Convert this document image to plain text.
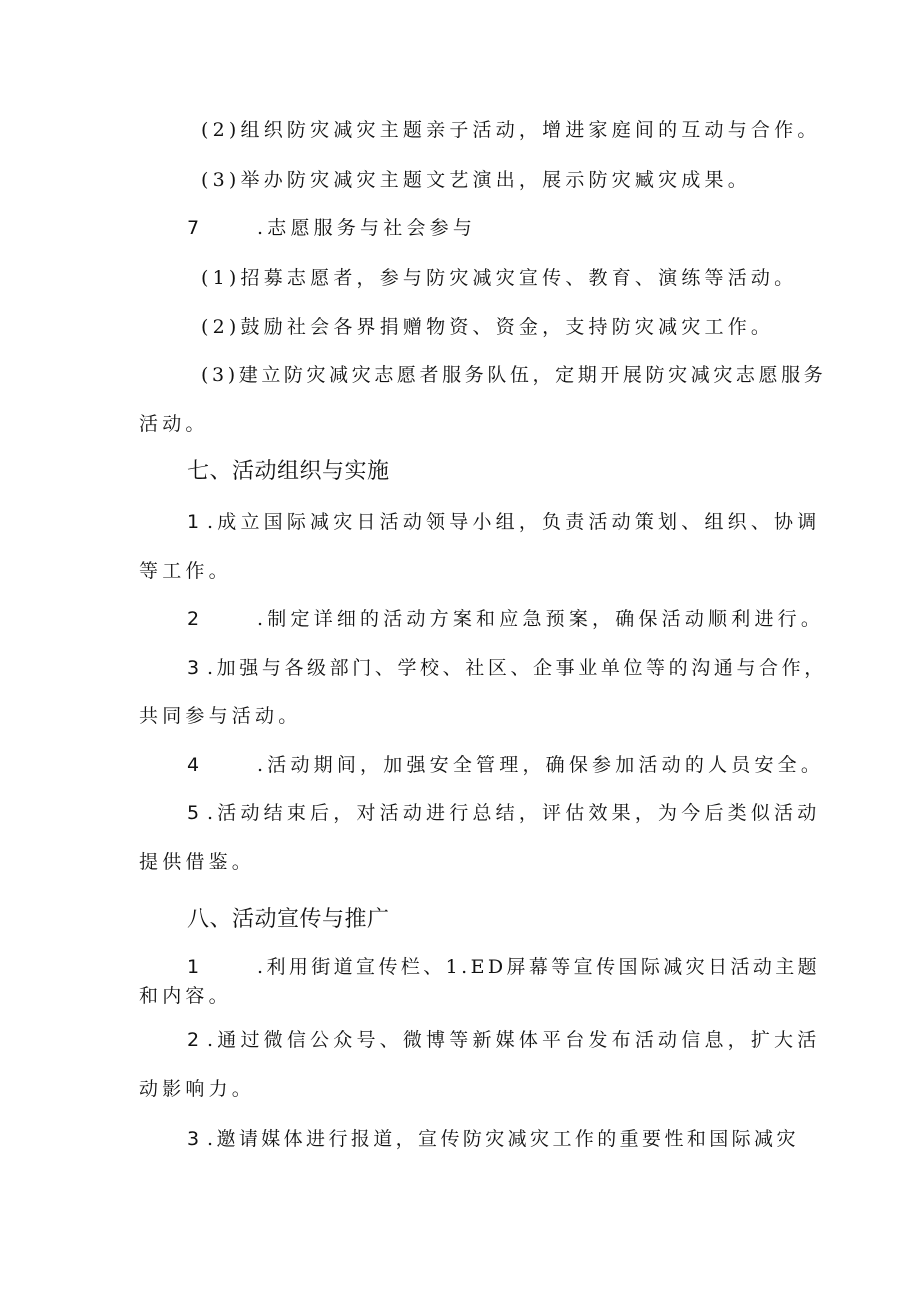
(2)组织防灾减灾主题亲子活动，增进家庭间的互动与合作。
(3)举办防灾减灾主题文艺演出，展示防灾臧灾成果。
7	.志愿服务与社会参与
(1)招募志愿者，参与防灾减灾宣传、教育、演练等活动。
(2)鼓励社会各界捐赠物资、资金，支持防灾减灾工作。
(3)建立防灾减灾志愿者服务队伍，定期开展防灾减灾志愿服务
活动。
七、活动组织与实施
1 .成立国际减灾日活动领导小组，负责活动策划、组织、协调
等工作。
2	.制定详细的活动方案和应急预案，确保活动顺利进行。
3 .加强与各级部门、学校、社区、企事业单位等的沟通与合作，
共同参与活动。
4	.活动期间，加强安全管理，确保参加活动的人员安全。
5 .活动结束后，对活动进行总结，评估效果，为今后类似活动
提供借鉴。
八、活动宣传与推广
1	.利用街道宣传栏、1.ED屏幕等宣传国际减灾日活动主题
和内容。
2 .通过微信公众号、微博等新媒体平台发布活动信息，扩大活
动影响力。
3 .邀请媒体进行报道，宣传防灾减灾工作的重要性和国际减灾
